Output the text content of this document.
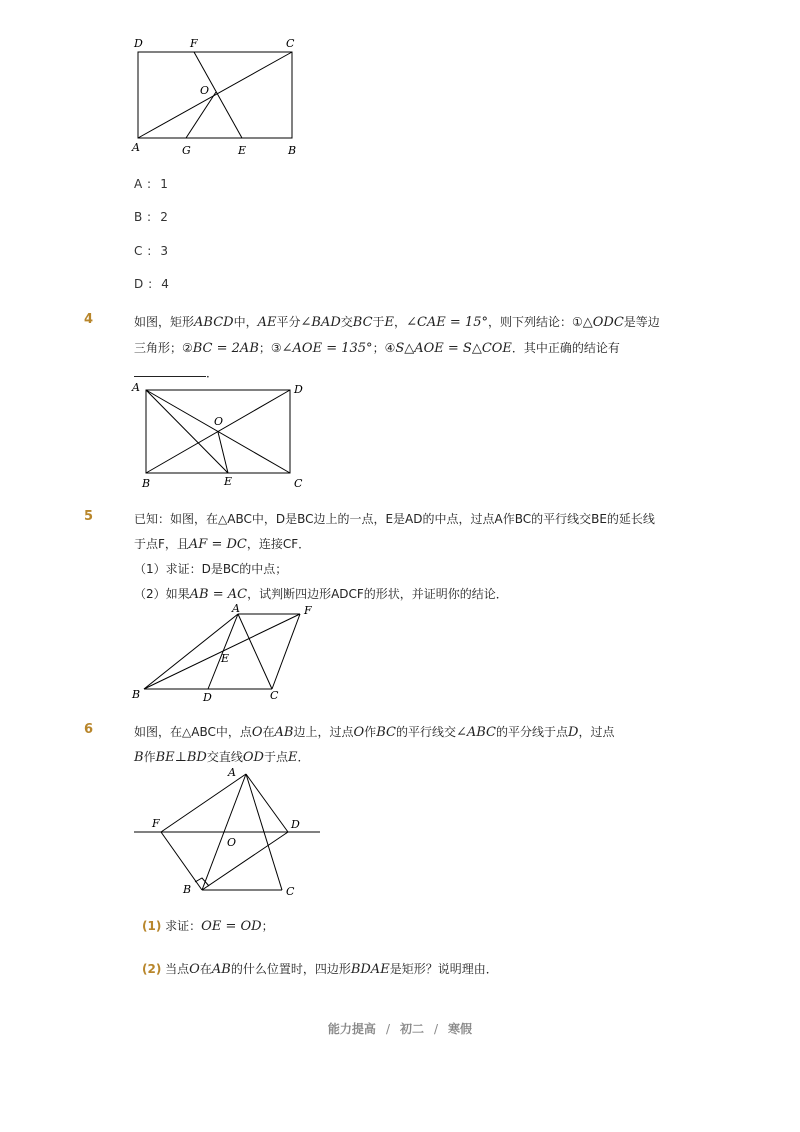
D	F	C
O
A	G	E	B
A :  1
B :  2
C :  3
D :  4
4	如图，矩形ABCD中，AE平分∠BAD交BC于E，∠CAE = 15°，则下列结论：①△ODC是等边
三角形；②BC = 2AB；③∠AOE = 135°；④S△AOE = S△COE．其中正确的结论有
．
A	D
O
B	E	C
5	已知：如图，在△ABC中，D是BC边上的一点，E是AD的中点，过点A作BC的平行线交BE的延长线
于点F，且AF = DC，连接CF．
（1）求证：D是BC的中点；
（2）如果AB = AC，试判断四边形ADCF的形状，并证明你的结论．
A	F
E
B	D	C
6	如图，在△ABC中，点O在AB边上，过点O作BC的平行线交∠ABC的平分线于点D，过点
B作BE⊥BD交直线OD于点E．
A
F	D
O
B	C
(1) 求证：OE = OD；
(2) 当点O在AB的什么位置时，四边形BDAE是矩形？说明理由．
能力提高 / 初二 / 寒假
